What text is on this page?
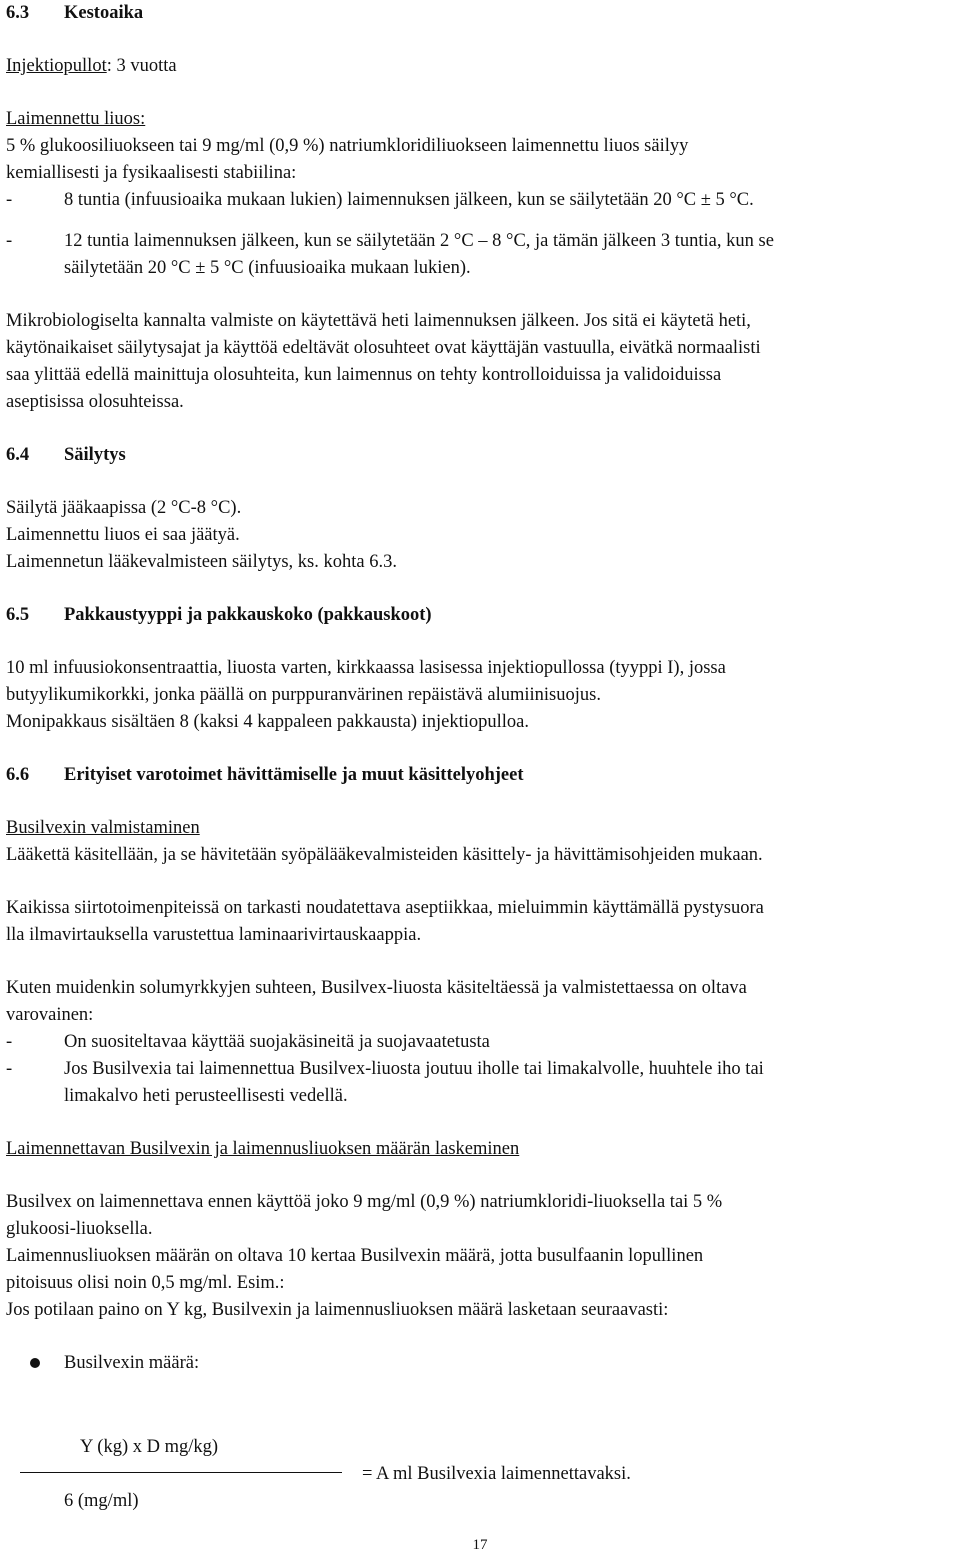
6.3 Kestoaika

Injektiopullot: 3 vuotta

Laimennettu liuos:

5 % glukoosiliuokseen tai 9 mg/ml (0,9 %) natriumkloridiliuokseen laimennettu liuos säilyy

kemiallisesti ja fysikaalisesti stabiilina:

-	8 tuntia (infuusioaika mukaan lukien) laimennuksen jälkeen, kun se säilytetään 20 °C ± 5 °C.
-	12 tuntia laimennuksen jälkeen, kun se säilytetään 2 °C – 8 °C, ja tämän jälkeen 3 tuntia, kun se
säilytetään 20 °C ± 5 °C (infuusioaika mukaan lukien).

Mikrobiologiselta kannalta valmiste on käytettävä heti laimennuksen jälkeen. Jos sitä ei käytetä heti,

käytönaikaiset säilytysajat ja käyttöä edeltävät olosuhteet ovat käyttäjän vastuulla, eivätkä normaalisti

saa ylittää edellä mainittuja olosuhteita, kun laimennus on tehty kontrolloiduissa ja validoiduissa

aseptisissa olosuhteissa.

6.4 Säilytys

Säilytä jääkaapissa (2 °C-8 °C).

Laimennettu liuos ei saa jäätyä.

Laimennetun lääkevalmisteen säilytys, ks. kohta 6.3.

6.5 Pakkaustyyppi ja pakkauskoko (pakkauskoot)

10 ml infuusiokonsentraattia, liuosta varten, kirkkaassa lasisessa injektiopullossa (tyyppi I), jossa

butyylikumikorkki, jonka päällä on purppuranvärinen repäistävä alumiinisuojus.

Monipakkaus sisältäen 8 (kaksi 4 kappaleen pakkausta) injektiopulloa.

6.6 Erityiset varotoimet hävittämiselle ja muut käsittelyohjeet

Busilvexin valmistaminen

Lääkettä käsitellään, ja se hävitetään syöpälääkevalmisteiden käsittely- ja hävittämisohjeiden mukaan.

Kaikissa siirtotoimenpiteissä on tarkasti noudatettava aseptiikkaa, mieluimmin käyttämällä pystysuora

lla ilmavirtauksella varustettua laminaarivirtauskaappia.

Kuten muidenkin solumyrkkyjen suhteen, Busilvex-liuosta käsiteltäessä ja valmistettaessa on oltava

varovainen:

-	On suositeltavaa käyttää suojakäsineitä ja suojavaatetusta
-	Jos Busilvexia tai laimennettua Busilvex-liuosta joutuu iholle tai limakalvolle, huuhtele iho tai
limakalvo heti perusteellisesti vedellä.

Laimennettavan Busilvexin ja laimennusliuoksen määrän laskeminen

Busilvex on laimennettava ennen käyttöä joko 9 mg/ml (0,9 %) natriumkloridi-liuoksella tai 5 %

glukoosi-liuoksella.

Laimennusliuoksen määrän on oltava 10 kertaa Busilvexin määrä, jotta busulfaanin lopullinen

pitoisuus olisi noin 0,5 mg/ml. Esim.:

Jos potilaan paino on Y kg, Busilvexin ja laimennusliuoksen määrä lasketaan seuraavasti:

Busilvexin määrä:
Y (kg) x D mg/kg)
6 (mg/ml)
= A ml Busilvexia laimennettavaksi.
17
